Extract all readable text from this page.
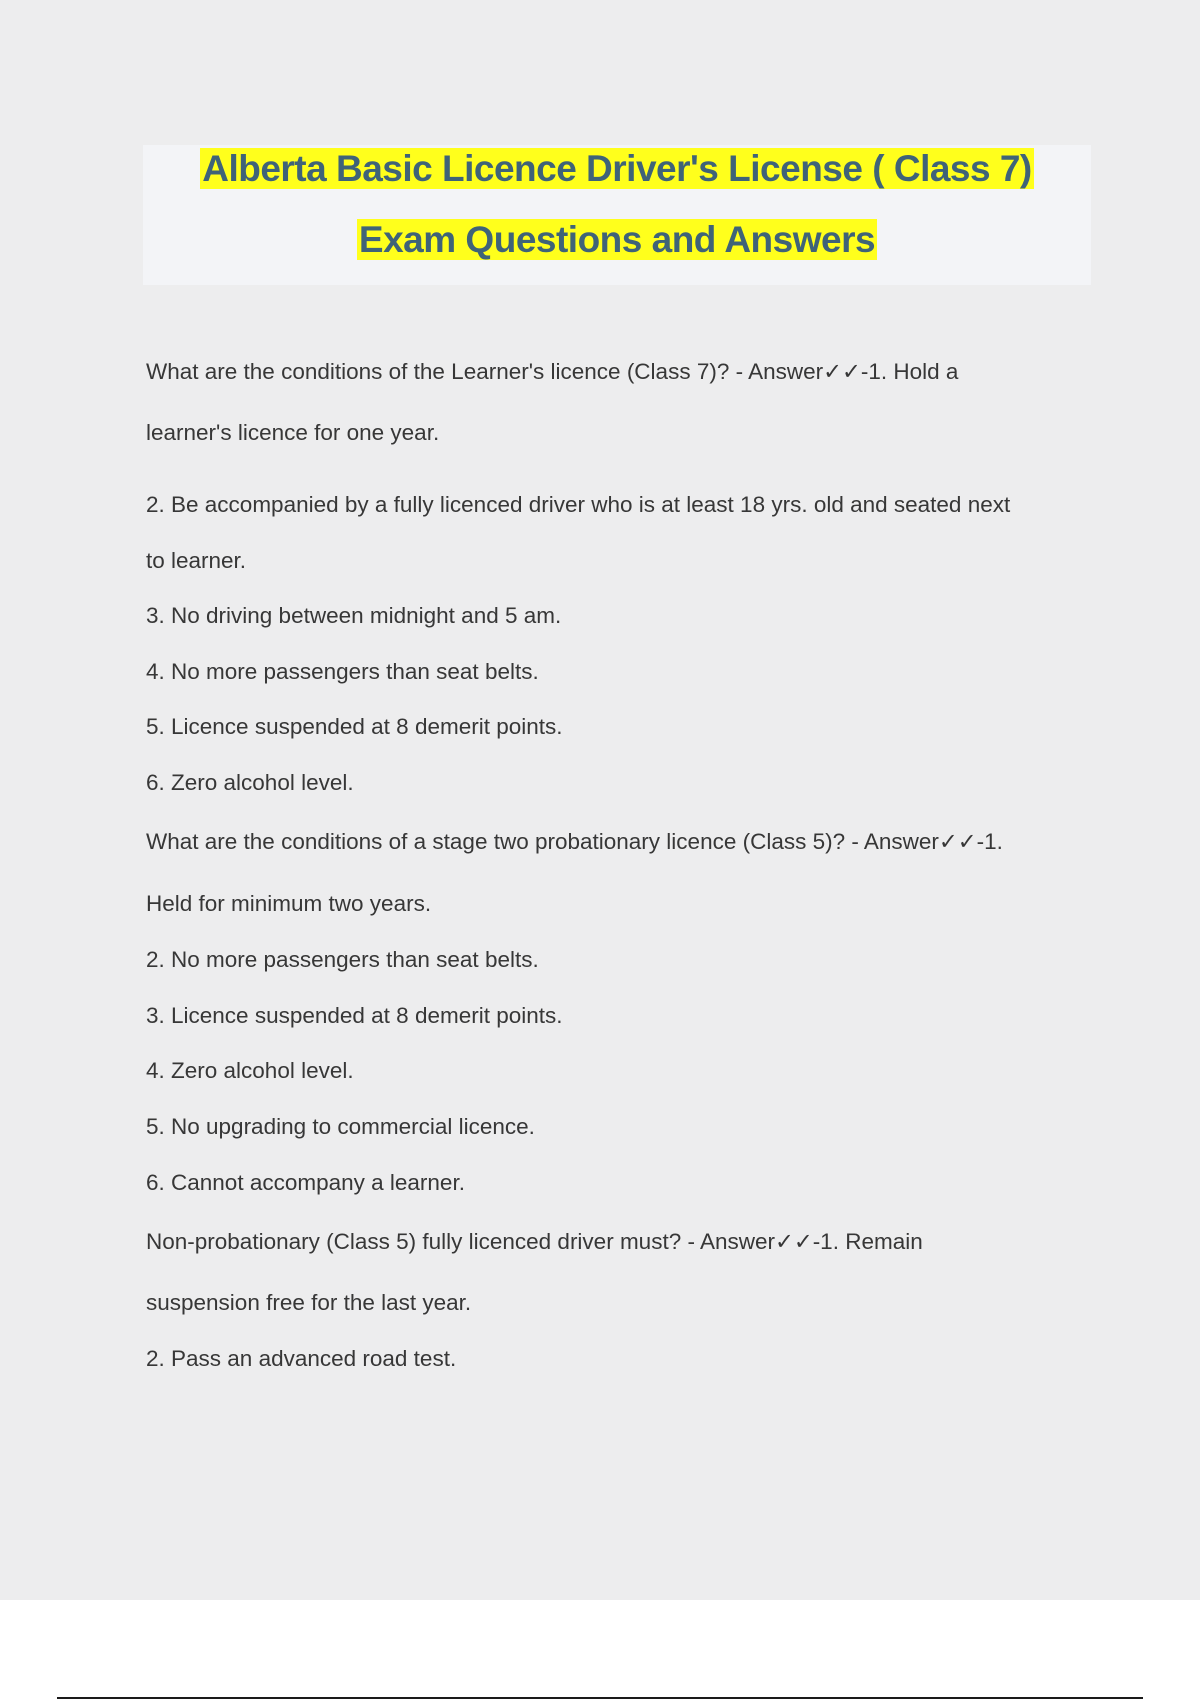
Alberta Basic Licence Driver's License ( Class 7)
Exam Questions and Answers
What are the conditions of the Learner's licence (Class 7)? - Answer✓✓-1. Hold a
learner's licence for one year.
2. Be accompanied by a fully licenced driver who is at least 18 yrs. old and seated next
to learner.
3. No driving between midnight and 5 am.
4. No more passengers than seat belts.
5. Licence suspended at 8 demerit points.
6. Zero alcohol level.
What are the conditions of a stage two probationary licence (Class 5)? - Answer✓✓-1.
Held for minimum two years.
2. No more passengers than seat belts.
3. Licence suspended at 8 demerit points.
4. Zero alcohol level.
5. No upgrading to commercial licence.
6. Cannot accompany a learner.
Non-probationary (Class 5) fully licenced driver must? - Answer✓✓-1. Remain
suspension free for the last year.
2. Pass an advanced road test.
